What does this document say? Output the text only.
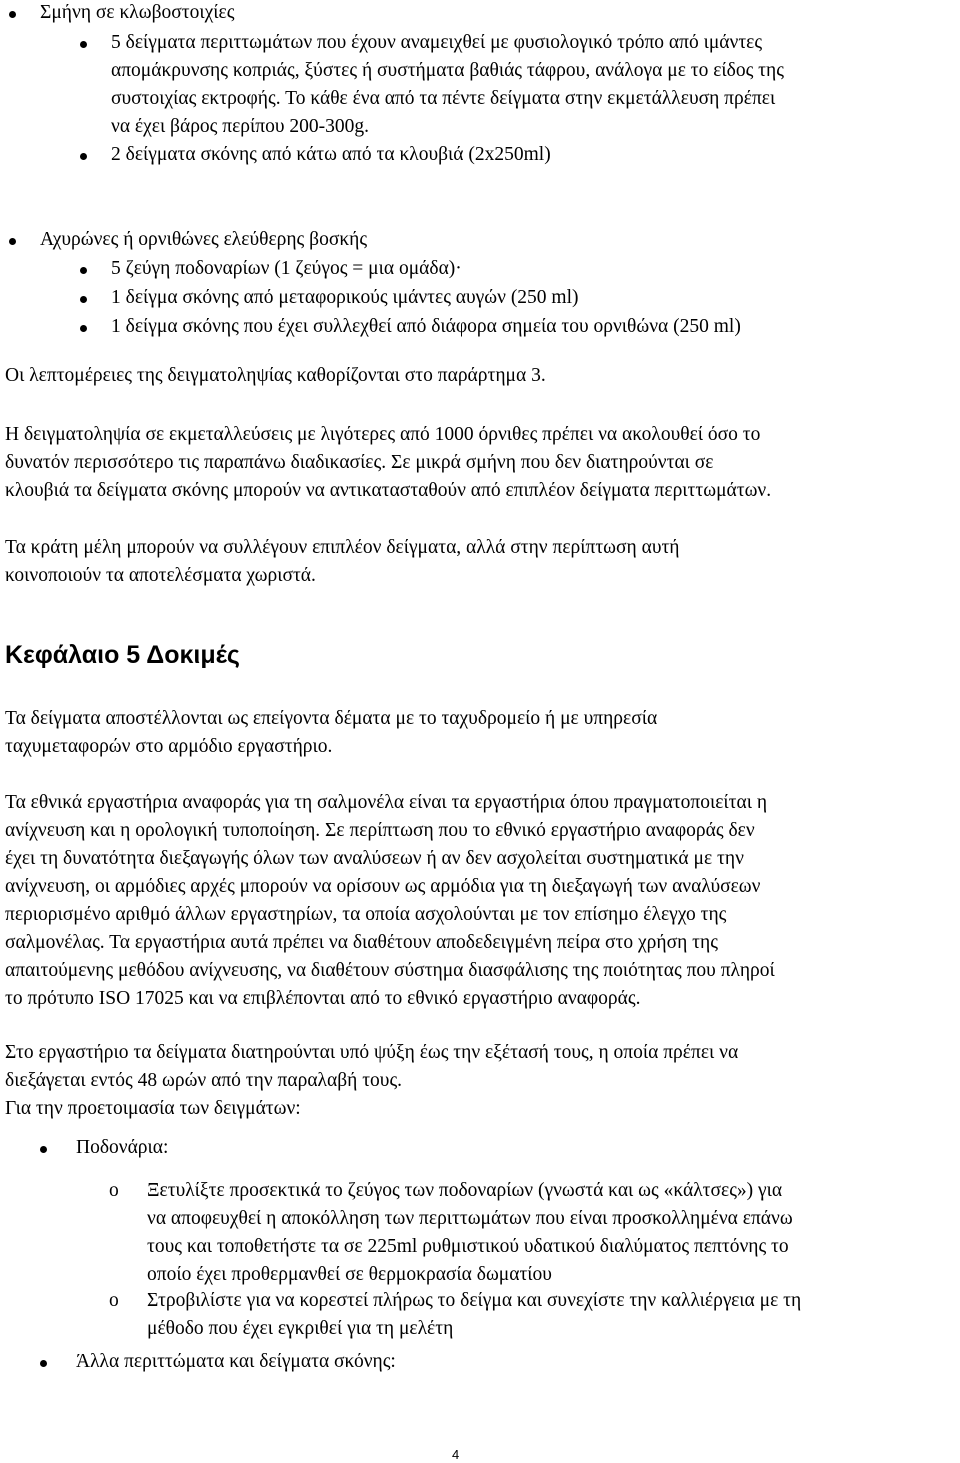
Σμήνη σε κλωβοστοιχίες
5 δείγματα περιττωμάτων που έχουν αναμειχθεί με φυσιολογικό τρόπο από ιμάντες
απομάκρυνσης κοπριάς, ξύστες ή συστήματα βαθιάς τάφρου, ανάλογα με το είδος της
συστοιχίας εκτροφής. Το κάθε ένα από τα πέντε δείγματα στην εκμετάλλευση πρέπει
να έχει βάρος περίπου 200-300g.
2 δείγματα σκόνης από κάτω από τα κλουβιά (2x250ml)
Αχυρώνες ή ορνιθώνες ελεύθερης βοσκής
5 ζεύγη ποδοναρίων (1 ζεύγος = μια ομάδα)·
1 δείγμα σκόνης από μεταφορικούς ιμάντες αυγών (250 ml)
1 δείγμα σκόνης που έχει συλλεχθεί από διάφορα σημεία του ορνιθώνα (250 ml)
Οι λεπτομέρειες της δειγματοληψίας καθορίζονται στο παράρτημα 3.
Η δειγματοληψία σε εκμεταλλεύσεις με λιγότερες από 1000 όρνιθες πρέπει να ακολουθεί όσο το
δυνατόν περισσότερο τις παραπάνω διαδικασίες. Σε μικρά σμήνη που δεν διατηρούνται σε
κλουβιά τα δείγματα σκόνης μπορούν να αντικατασταθούν από επιπλέον δείγματα περιττωμάτων.
Τα κράτη μέλη μπορούν να συλλέγουν επιπλέον δείγματα, αλλά στην περίπτωση αυτή
κοινοποιούν τα αποτελέσματα χωριστά.
Κεφάλαιο 5 Δοκιμές
Τα δείγματα αποστέλλονται ως επείγοντα δέματα με το ταχυδρομείο ή με υπηρεσία
ταχυμεταφορών στο αρμόδιο εργαστήριο.
Τα εθνικά εργαστήρια αναφοράς για τη σαλμονέλα είναι τα εργαστήρια όπου πραγματοποιείται η
ανίχνευση και η ορολογική τυποποίηση. Σε περίπτωση που το εθνικό εργαστήριο αναφοράς δεν
έχει τη δυνατότητα διεξαγωγής όλων των αναλύσεων ή αν δεν ασχολείται συστηματικά με την
ανίχνευση, οι αρμόδιες αρχές μπορούν να ορίσουν ως αρμόδια για τη διεξαγωγή των αναλύσεων
περιορισμένο αριθμό άλλων εργαστηρίων, τα οποία ασχολούνται με τον επίσημο έλεγχο της
σαλμονέλας. Τα εργαστήρια αυτά πρέπει να διαθέτουν αποδεδειγμένη πείρα στο χρήση της
απαιτούμενης μεθόδου ανίχνευσης, να διαθέτουν σύστημα διασφάλισης της ποιότητας που πληροί
το πρότυπο ISO 17025 και να επιβλέπονται από το εθνικό εργαστήριο αναφοράς.
Στο εργαστήριο τα δείγματα διατηρούνται υπό ψύξη έως την εξέτασή τους, η οποία πρέπει να
διεξάγεται εντός 48 ωρών από την παραλαβή τους.
Για την προετοιμασία των δειγμάτων:
Ποδονάρια:
o Ξετυλίξτε προσεκτικά το ζεύγος των ποδοναρίων (γνωστά και ως «κάλτσες») για
να αποφευχθεί η αποκόλληση των περιττωμάτων που είναι προσκολλημένα επάνω
τους και τοποθετήστε τα σε 225ml ρυθμιστικού υδατικού διαλύματος πεπτόνης το
οποίο έχει προθερμανθεί σε θερμοκρασία δωματίου
o Στροβιλίστε για να κορεστεί πλήρως το δείγμα και συνεχίστε την καλλιέργεια με τη
μέθοδο που έχει εγκριθεί για τη μελέτη
Άλλα περιττώματα και δείγματα σκόνης:
4
